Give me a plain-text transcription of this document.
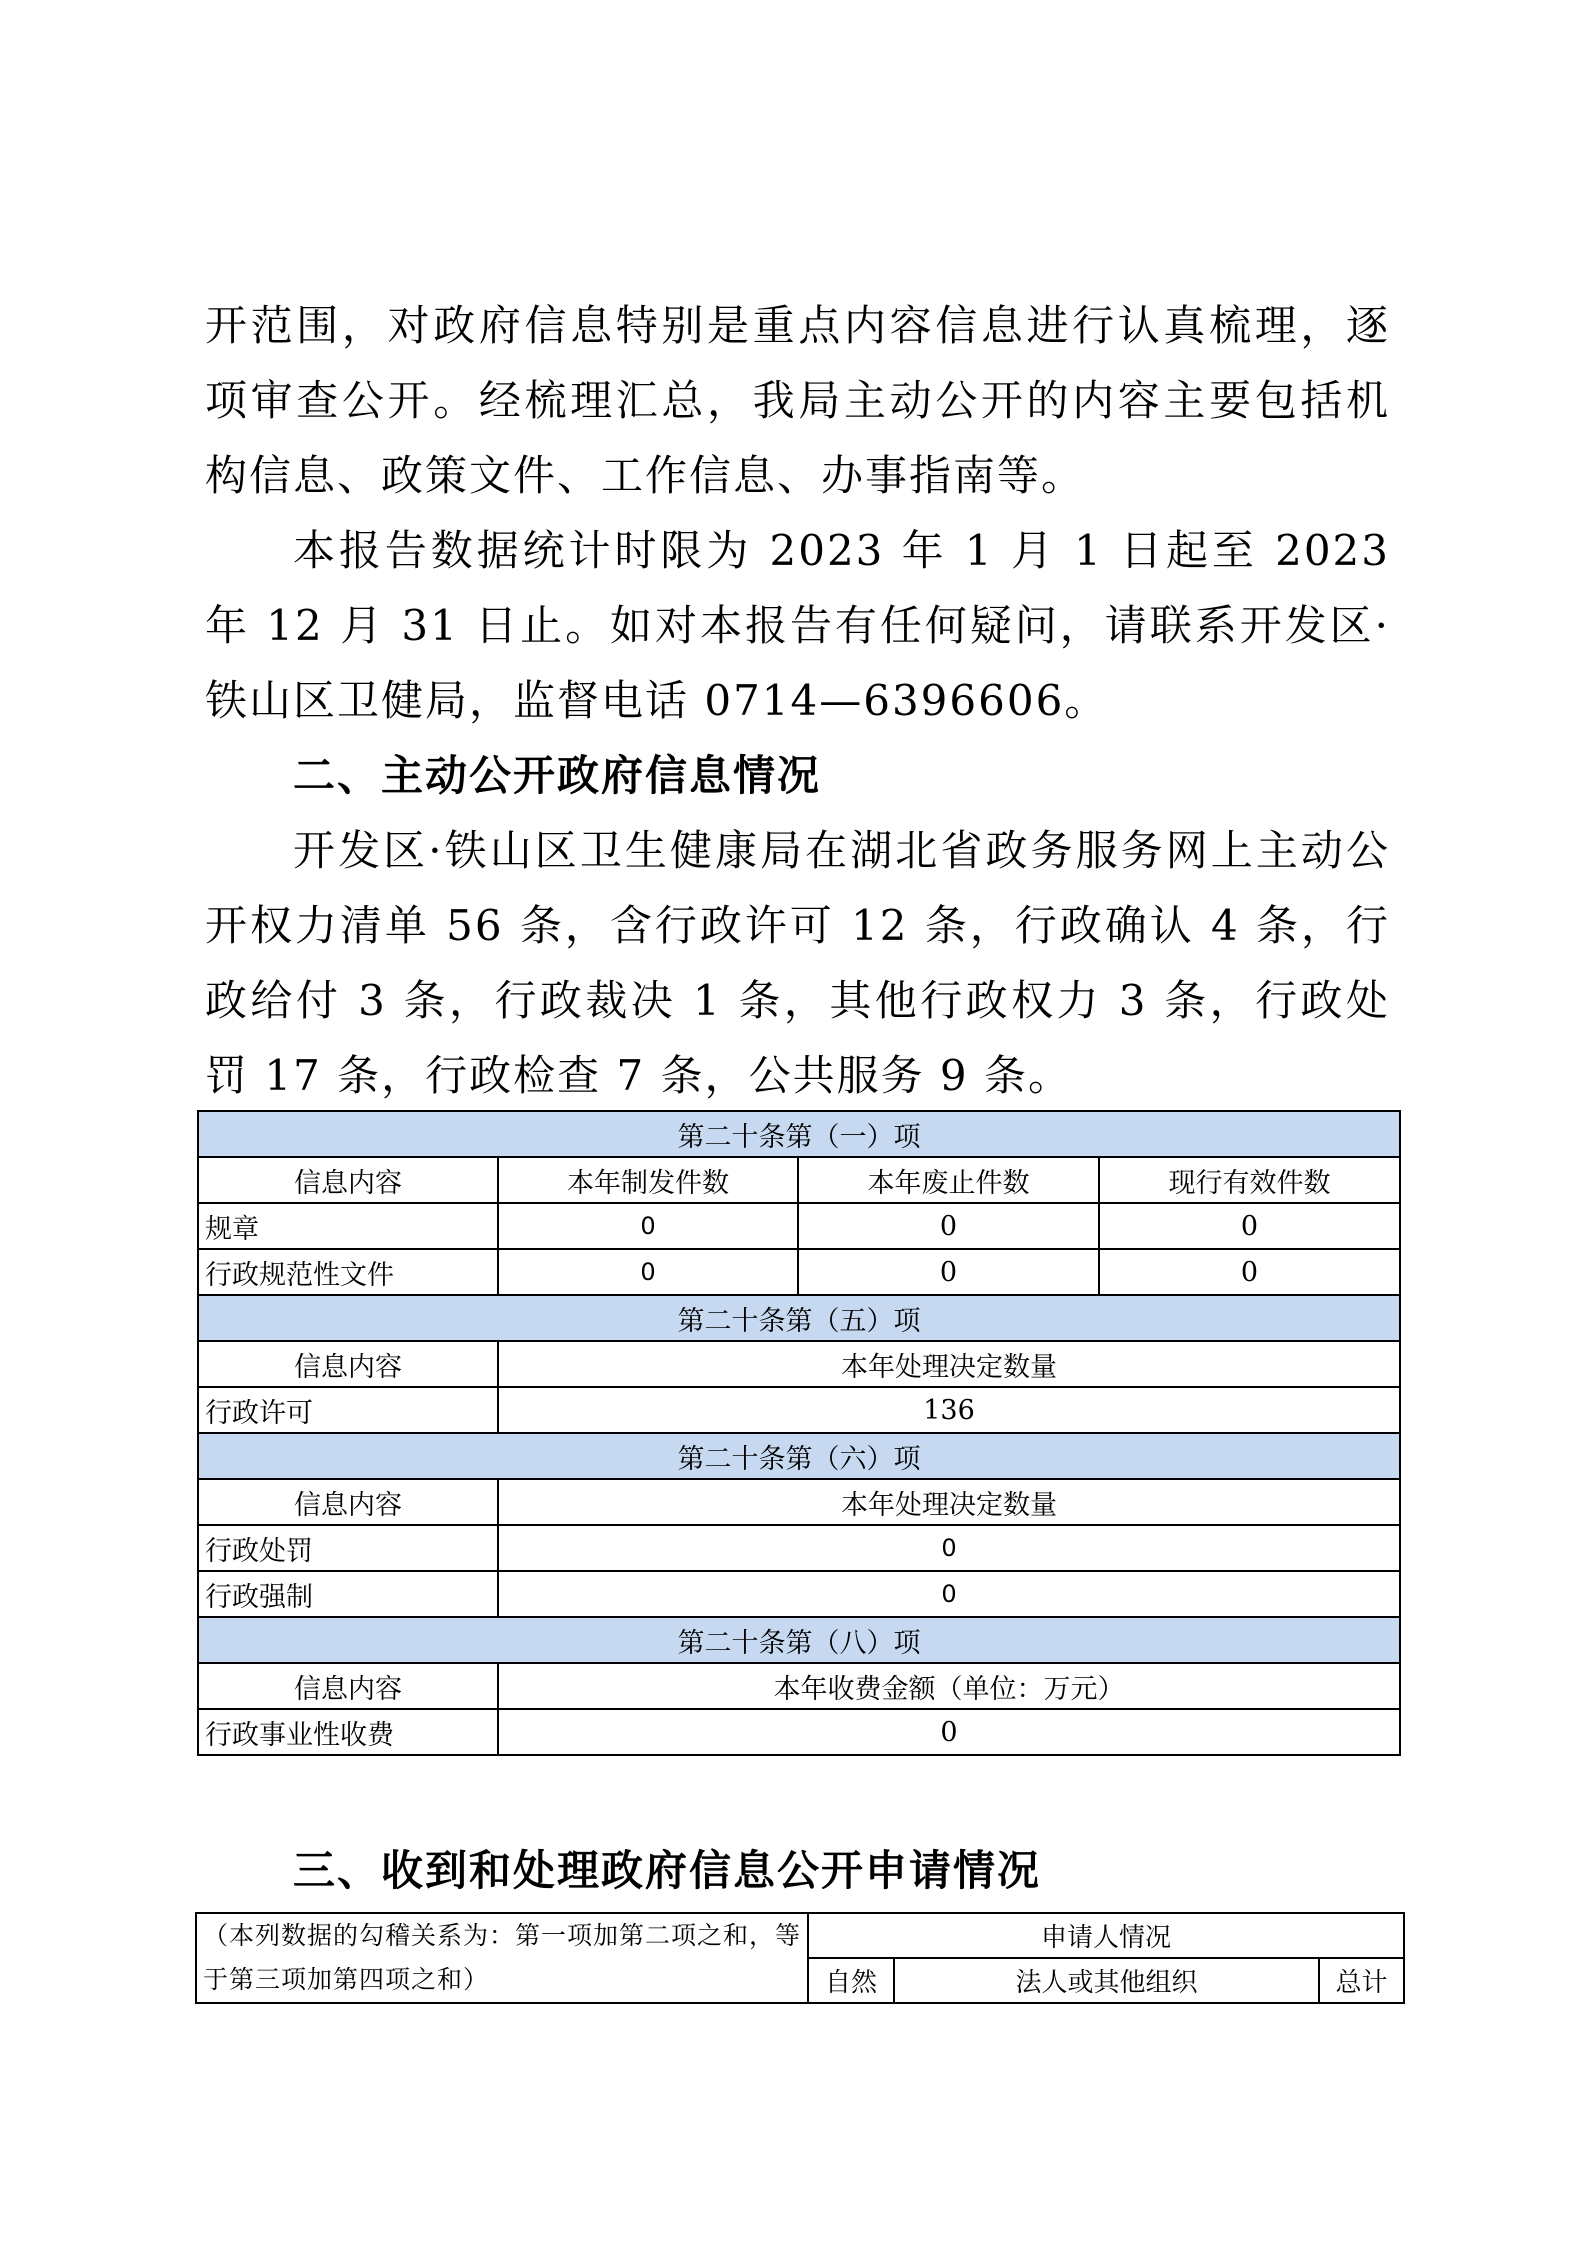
开范围，对政府信息特别是重点内容信息进行认真梳理，逐项审查公开。经梳理汇总，我局主动公开的内容主要包括机构信息、政策文件、工作信息、办事指南等。

本报告数据统计时限为 2023 年 1 月 1 日起至 2023 年 12 月 31 日止。如对本报告有任何疑问，请联系开发区·铁山区卫健局，监督电话 0714—6396606。

二、主动公开政府信息情况

开发区·铁山区卫生健康局在湖北省政务服务网上主动公开权力清单 56 条，含行政许可 12 条，行政确认 4 条，行政给付 3 条，行政裁决 1 条，其他行政权力 3 条，行政处罚 17 条，行政检查 7 条，公共服务 9 条。

第二十条第（一）项			
信息内容	本年制发件数	本年废止件数	现行有效件数
规章	0	0	0
行政规范性文件	0	0	0
第二十条第（五）项			
信息内容	本年处理决定数量		
行政许可	136		
第二十条第（六）项			
信息内容	本年处理决定数量		
行政处罚	0		
行政强制	0		
第二十条第（八）项			
信息内容	本年收费金额（单位：万元）		
行政事业性收费	0		

三、收到和处理政府信息公开申请情况

（本列数据的勾稽关系为：第一项加第二项之和，等于第三项加第四项之和）	申请人情况		
	自然	法人或其他组织	总计
